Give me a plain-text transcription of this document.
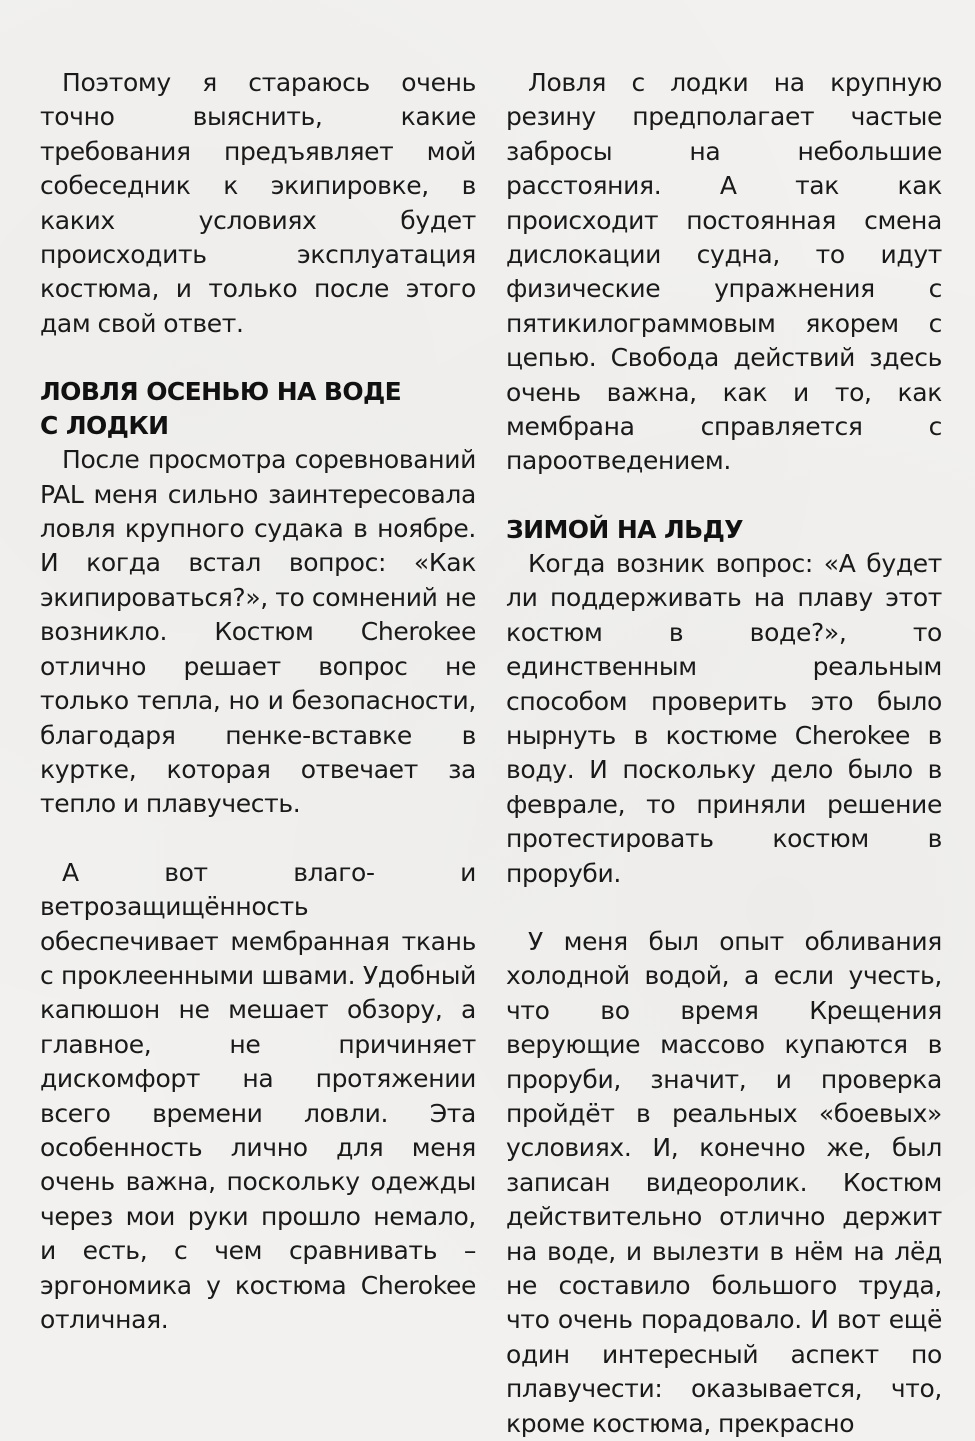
Поэтому я стараюсь очень точно выяснить, какие требования предъявляет мой собеседник к экипировке, в каких условиях будет происходить эксплуатация костюма, и только после этого дам свой ответ.

ЛОВЛЯ ОСЕНЬЮ НА ВОДЕ
С ЛОДКИ

После просмотра соревнований PAL меня сильно заинтересовала ловля крупного судака в ноябре. И когда встал вопрос: «Как экипироваться?», то сомнений не возникло. Костюм Cherokee отлично решает вопрос не только тепла, но и безопасности, благодаря пенке-вставке в куртке, которая отвечает за тепло и плавучесть.

А вот влаго- и ветрозащищённость обеспечивает мембранная ткань с проклеенными швами. Удобный капюшон не мешает обзору, а главное, не причиняет дискомфорт на протяжении всего времени ловли. Эта особенность лично для меня очень важна, поскольку одежды через мои руки прошло немало, и есть, с чем сравнивать – эргономика у костюма Cherokee отличная.

Ловля с лодки на крупную резину предполагает частые забросы на небольшие расстояния. А так как происходит постоянная смена дислокации судна, то идут физические упражнения с пятикилограммовым якорем с цепью. Свобода действий здесь очень важна, как и то, как мембрана справляется с пароотведением.

ЗИМОЙ НА ЛЬДУ

Когда возник вопрос: «А будет ли поддерживать на плаву этот костюм в воде?», то единственным реальным способом проверить это было нырнуть в костюме Cherokee в воду. И поскольку дело было в феврале, то приняли решение протестировать костюм в проруби.

У меня был опыт обливания холодной водой, а если учесть, что во время Крещения верующие массово купаются в проруби, значит, и проверка пройдёт в реальных «боевых» условиях. И, конечно же, был записан видеоролик. Костюм действительно отлично держит на воде, и вылезти в нём на лёд не составило большого труда, что очень порадовало. И вот ещё один интересный аспект по плавучести: оказывается, что, кроме костюма, прекрасно
